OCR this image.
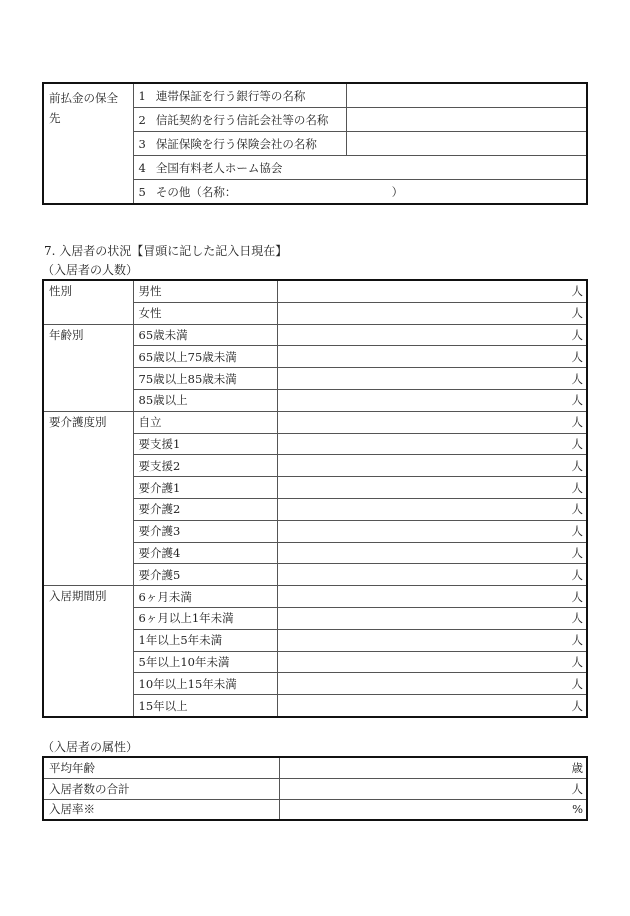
前払金の保全先	1 連帯保証を行う銀行等の名称	
	2 信託契約を行う信託会社等の名称	
	3 保証保険を行う保険会社の名称	
	4 全国有料老人ホーム協会	
	5 その他（名称：　　　　　　　　　　　　　　）	
7. 入居者の状況【冒頭に記した記入日現在】
（入居者の人数）
性別	男性	人
	女性	人
年齢別	65歳未満	人
	65歳以上75歳未満	人
	75歳以上85歳未満	人
	85歳以上	人
要介護度別	自立	人
	要支援1	人
	要支援2	人
	要介護1	人
	要介護2	人
	要介護3	人
	要介護4	人
	要介護5	人
入居期間別	6ヶ月未満	人
	6ヶ月以上1年未満	人
	1年以上5年未満	人
	5年以上10年未満	人
	10年以上15年未満	人
	15年以上	人
（入居者の属性）
平均年齢	歳
入居者数の合計	人
入居率※	%
